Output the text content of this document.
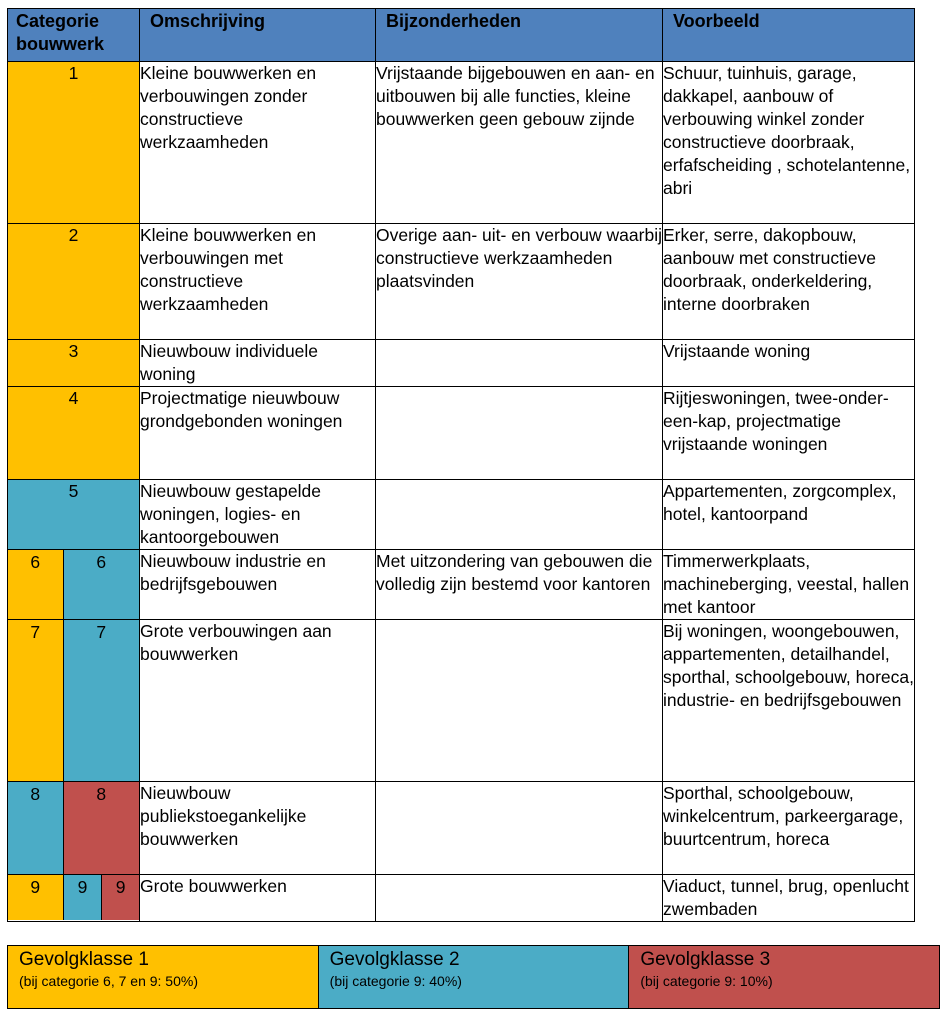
Categorie bouwwerk	Omschrijving	Bijzonderheden	Voorbeeld
1	Kleine bouwwerken en verbouwingen zonder constructieve werkzaamheden	Vrijstaande bijgebouwen en aan- en uitbouwen bij alle functies, kleine bouwwerken geen gebouw zijnde	Schuur, tuinhuis, garage, dakkapel, aanbouw of verbouwing winkel zonder constructieve doorbraak, erfafscheiding , schotelantenne, abri
2	Kleine bouwwerken en verbouwingen met constructieve werkzaamheden	Overige aan- uit- en verbouw waarbij constructieve werkzaamheden plaatsvinden	Erker, serre, dakopbouw, aanbouw met constructieve doorbraak, onderkeldering, interne doorbraken
3	Nieuwbouw individuele woning		Vrijstaande woning
4	Projectmatige nieuwbouw grondgebonden woningen		Rijtjeswoningen, twee-onder-een-kap, projectmatige vrijstaande woningen
5	Nieuwbouw gestapelde woningen, logies- en kantoorgebouwen		Appartementen, zorgcomplex, hotel, kantoorpand

6 6	Nieuwbouw industrie en bedrijfsgebouwen	Met uitzondering van gebouwen die volledig zijn bestemd voor kantoren	Timmerwerkplaats, machineberging, veestal, hallen met kantoor

7 7	Grote verbouwingen aan bouwwerken		Bij woningen, woongebouwen, appartementen, detailhandel, sporthal, schoolgebouw, horeca, industrie- en bedrijfsgebouwen

8 8	Nieuwbouw publiekstoegankelijke bouwwerken		Sporthal, schoolgebouw, winkelcentrum, parkeergarage, buurtcentrum, horeca

9 9 9	Grote bouwwerken		Viaduct, tunnel, brug, openlucht zwembaden
Gevolgklasse 1
(bij categorie 6, 7 en 9: 50%)

Gevolgklasse 2
(bij categorie 9: 40%)

Gevolgklasse 3
(bij categorie 9: 10%)
